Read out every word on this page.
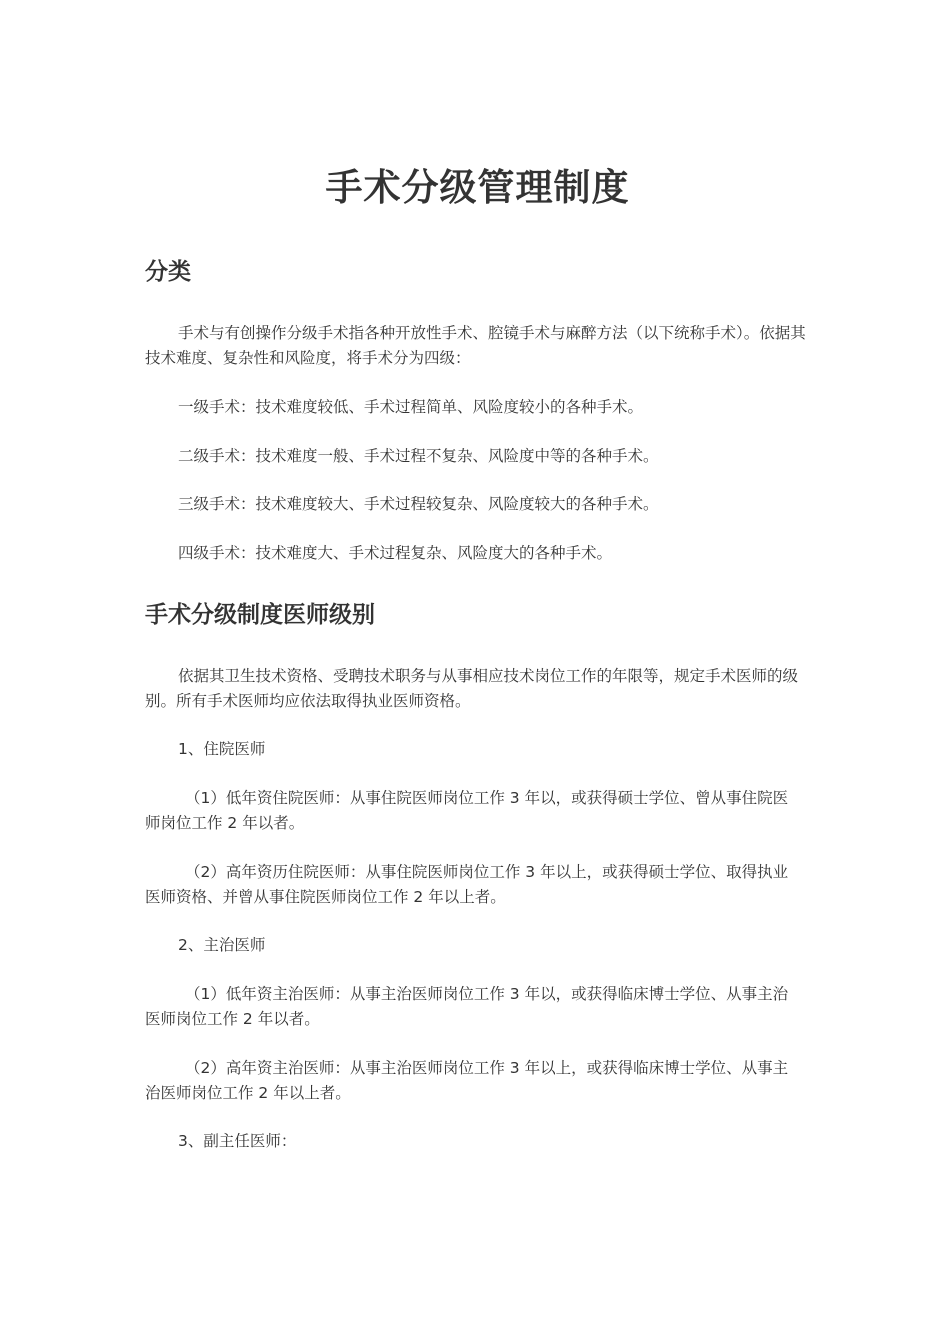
手术分级管理制度
分类

手术与有创操作分级手术指各种开放性手术、腔镜手术与麻醉方法（以下统称手术）。依据其技术难度、复杂性和风险度，将手术分为四级：

一级手术：技术难度较低、手术过程简单、风险度较小的各种手术。

二级手术：技术难度一般、手术过程不复杂、风险度中等的各种手术。

三级手术：技术难度较大、手术过程较复杂、风险度较大的各种手术。

四级手术：技术难度大、手术过程复杂、风险度大的各种手术。

手术分级制度医师级别

依据其卫生技术资格、受聘技术职务与从事相应技术岗位工作的年限等，规定手术医师的级别。所有手术医师均应依法取得执业医师资格。

1、住院医师

（1）低年资住院医师：从事住院医师岗位工作 3 年以，或获得硕士学位、曾从事住院医师岗位工作 2 年以者。

（2）高年资历住院医师：从事住院医师岗位工作 3 年以上，或获得硕士学位、取得执业医师资格、并曾从事住院医师岗位工作 2 年以上者。

2、主治医师

（1）低年资主治医师：从事主治医师岗位工作 3 年以，或获得临床博士学位、从事主治医师岗位工作 2 年以者。

（2）高年资主治医师：从事主治医师岗位工作 3 年以上，或获得临床博士学位、从事主治医师岗位工作 2 年以上者。

3、副主任医师：
